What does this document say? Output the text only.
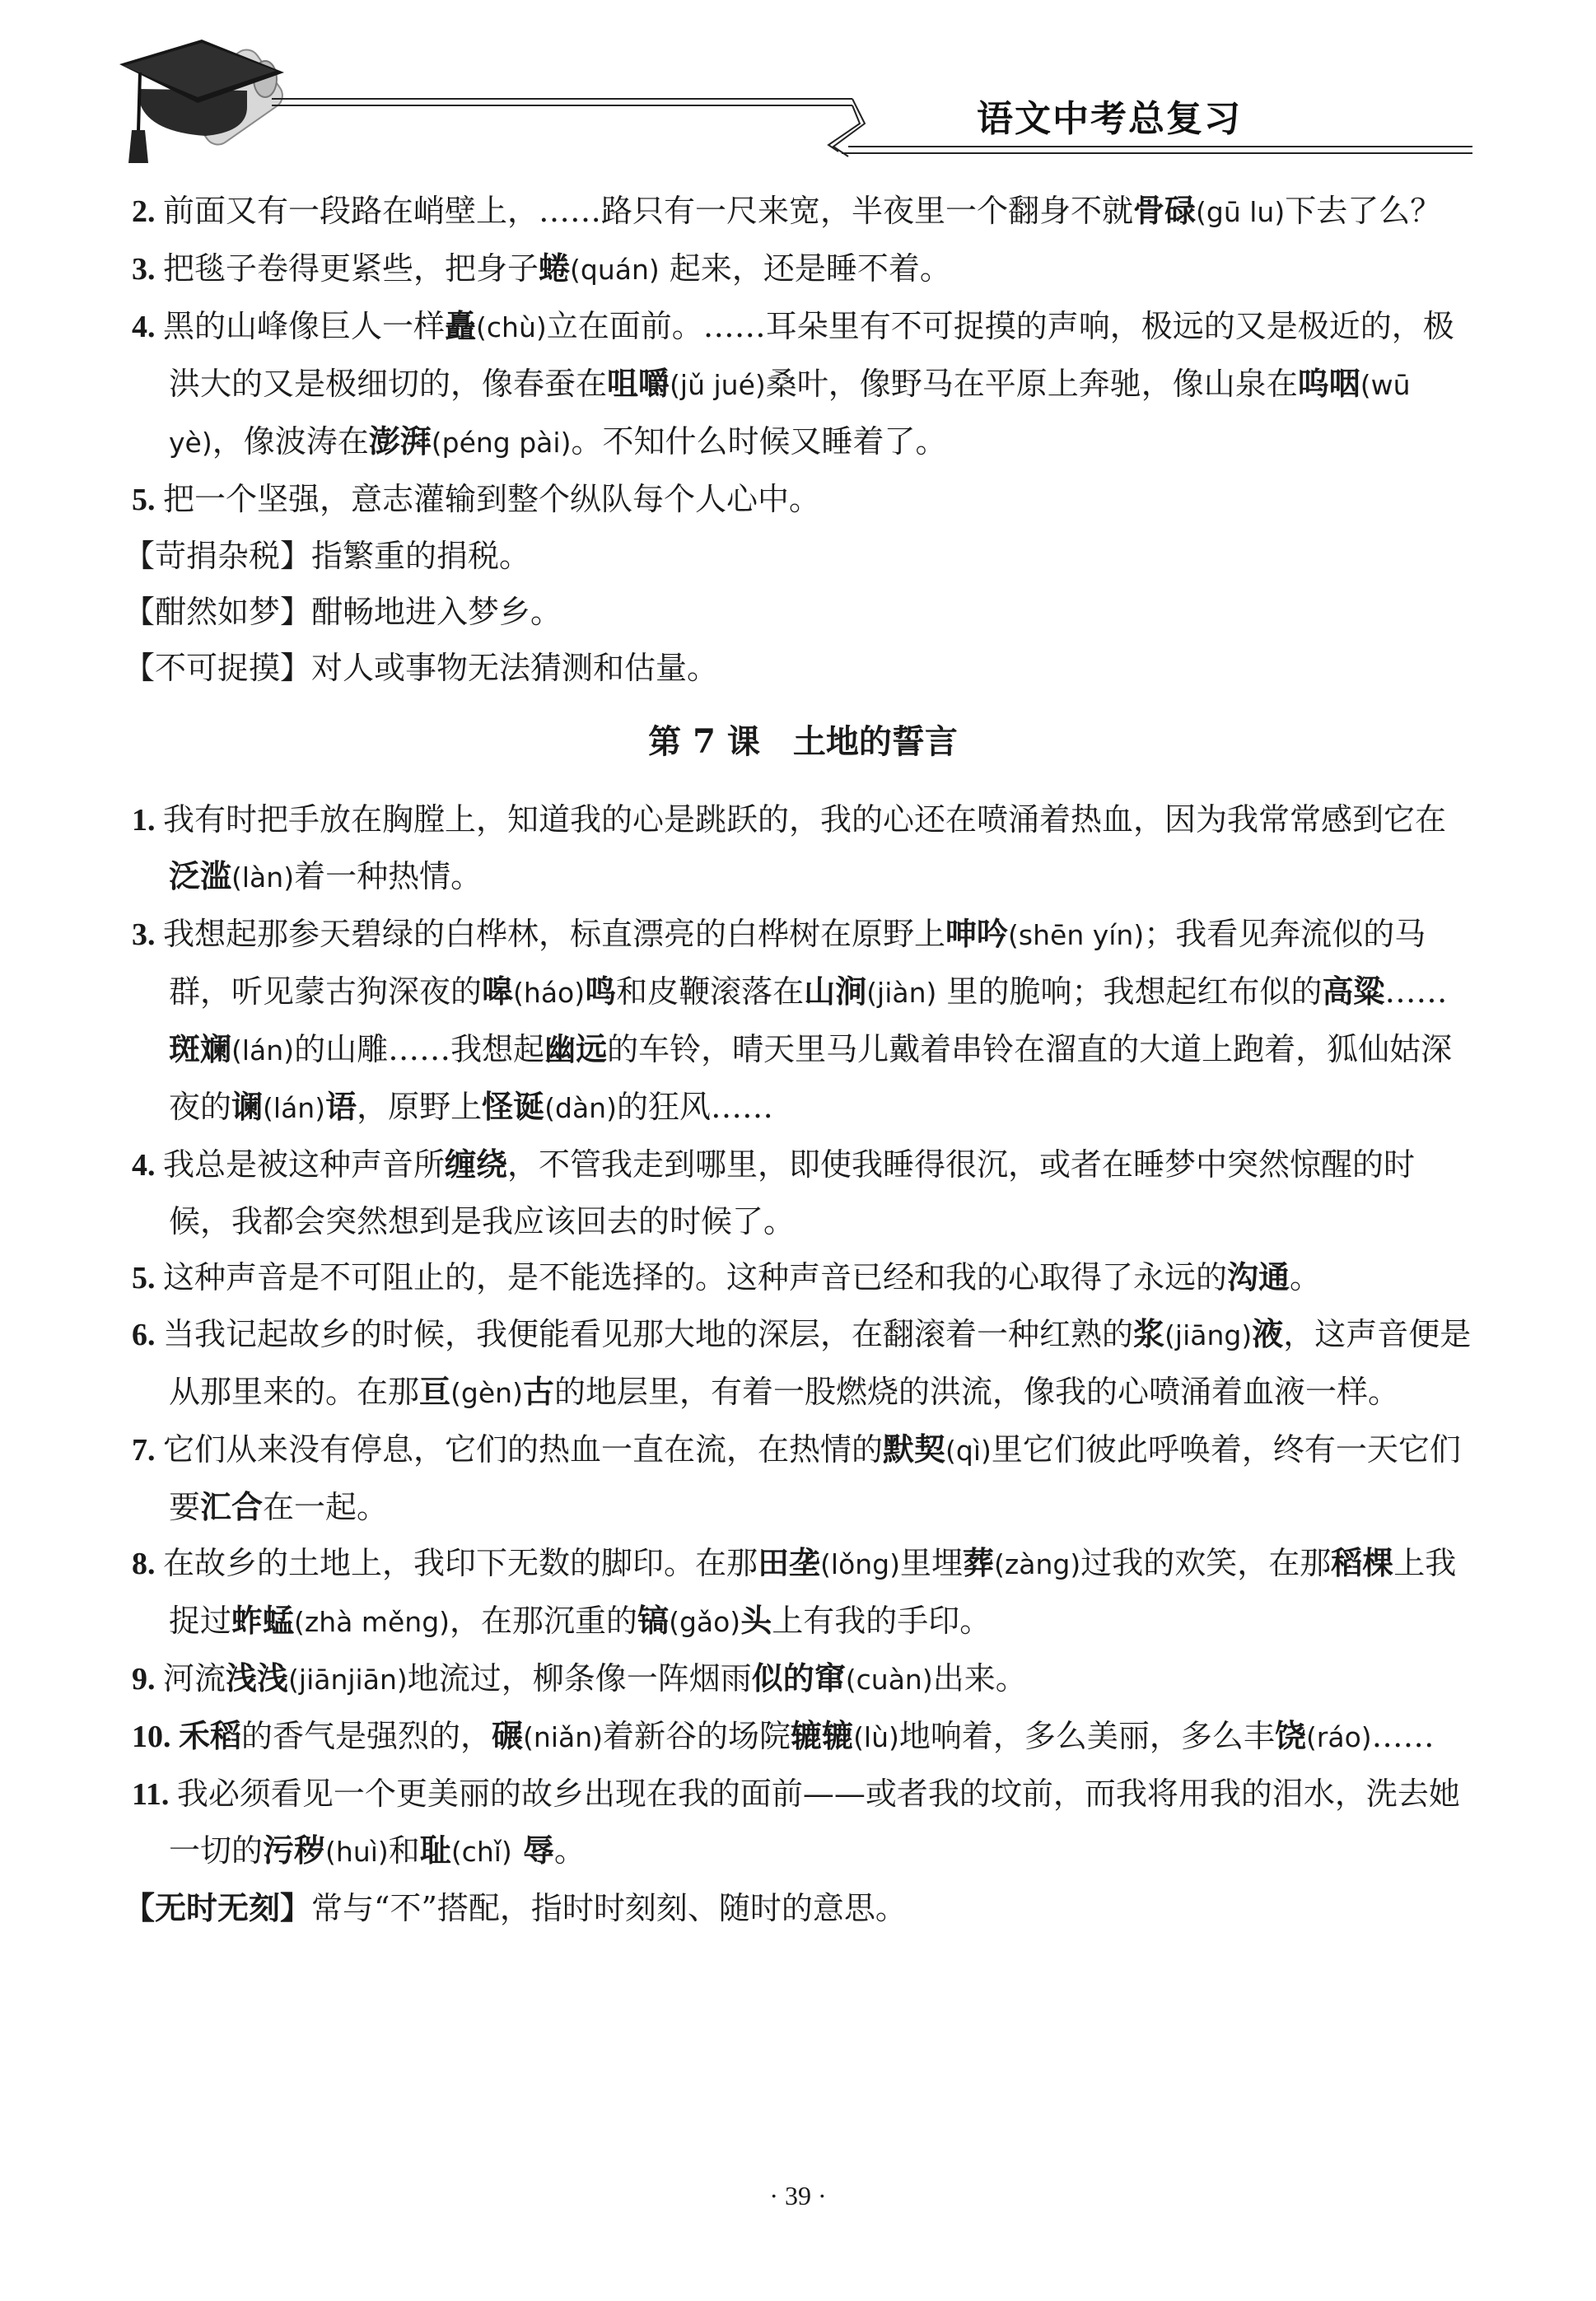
语文中考总复习

2. 前面又有一段路在峭壁上，……路只有一尺来宽，半夜里一个翻身不就骨碌(gū lu)下去了么？

3. 把毯子卷得更紧些，把身子蜷(quán) 起来，还是睡不着。

4. 黑的山峰像巨人一样矗(chù)立在面前。……耳朵里有不可捉摸的声响，极远的又是极近的，极洪大的又是极细切的，像春蚕在咀嚼(jǔ jué)桑叶，像野马在平原上奔驰，像山泉在呜咽(wū yè)，像波涛在澎湃(péng pài)。不知什么时候又睡着了。

5. 把一个坚强，意志灌输到整个纵队每个人心中。

【苛捐杂税】指繁重的捐税。

【酣然如梦】酣畅地进入梦乡。

【不可捉摸】对人或事物无法猜测和估量。

第 7 课　土地的誓言

1. 我有时把手放在胸膛上，知道我的心是跳跃的，我的心还在喷涌着热血，因为我常常感到它在泛滥(làn)着一种热情。

3. 我想起那参天碧绿的白桦林，标直漂亮的白桦树在原野上呻吟(shēn yín)；我看见奔流似的马群，听见蒙古狗深夜的嗥(háo)鸣和皮鞭滚落在山涧(jiàn) 里的脆响；我想起红布似的高粱……斑斓(lán)的山雕……我想起幽远的车铃，晴天里马儿戴着串铃在溜直的大道上跑着，狐仙姑深夜的谰(lán)语，原野上怪诞(dàn)的狂风……

4. 我总是被这种声音所缠绕，不管我走到哪里，即使我睡得很沉，或者在睡梦中突然惊醒的时候，我都会突然想到是我应该回去的时候了。

5. 这种声音是不可阻止的，是不能选择的。这种声音已经和我的心取得了永远的沟通。

6. 当我记起故乡的时候，我便能看见那大地的深层，在翻滚着一种红熟的浆(jiāng)液，这声音便是从那里来的。在那亘(gèn)古的地层里，有着一股燃烧的洪流，像我的心喷涌着血液一样。

7. 它们从来没有停息，它们的热血一直在流，在热情的默契(qì)里它们彼此呼唤着，终有一天它们要汇合在一起。

8. 在故乡的土地上，我印下无数的脚印。在那田垄(lǒng)里埋葬(zàng)过我的欢笑，在那稻棵上我捉过蚱蜢(zhà měng)，在那沉重的镐(gǎo)头上有我的手印。

9. 河流浅浅(jiānjiān)地流过，柳条像一阵烟雨似的窜(cuàn)出来。

10. 禾稻的香气是强烈的，碾(niǎn)着新谷的场院辘辘(lù)地响着，多么美丽，多么丰饶(ráo)……

11. 我必须看见一个更美丽的故乡出现在我的面前——或者我的坟前，而我将用我的泪水，洗去她一切的污秽(huì)和耻(chǐ) 辱。

【无时无刻】常与“不”搭配，指时时刻刻、随时的意思。

· 39 ·
